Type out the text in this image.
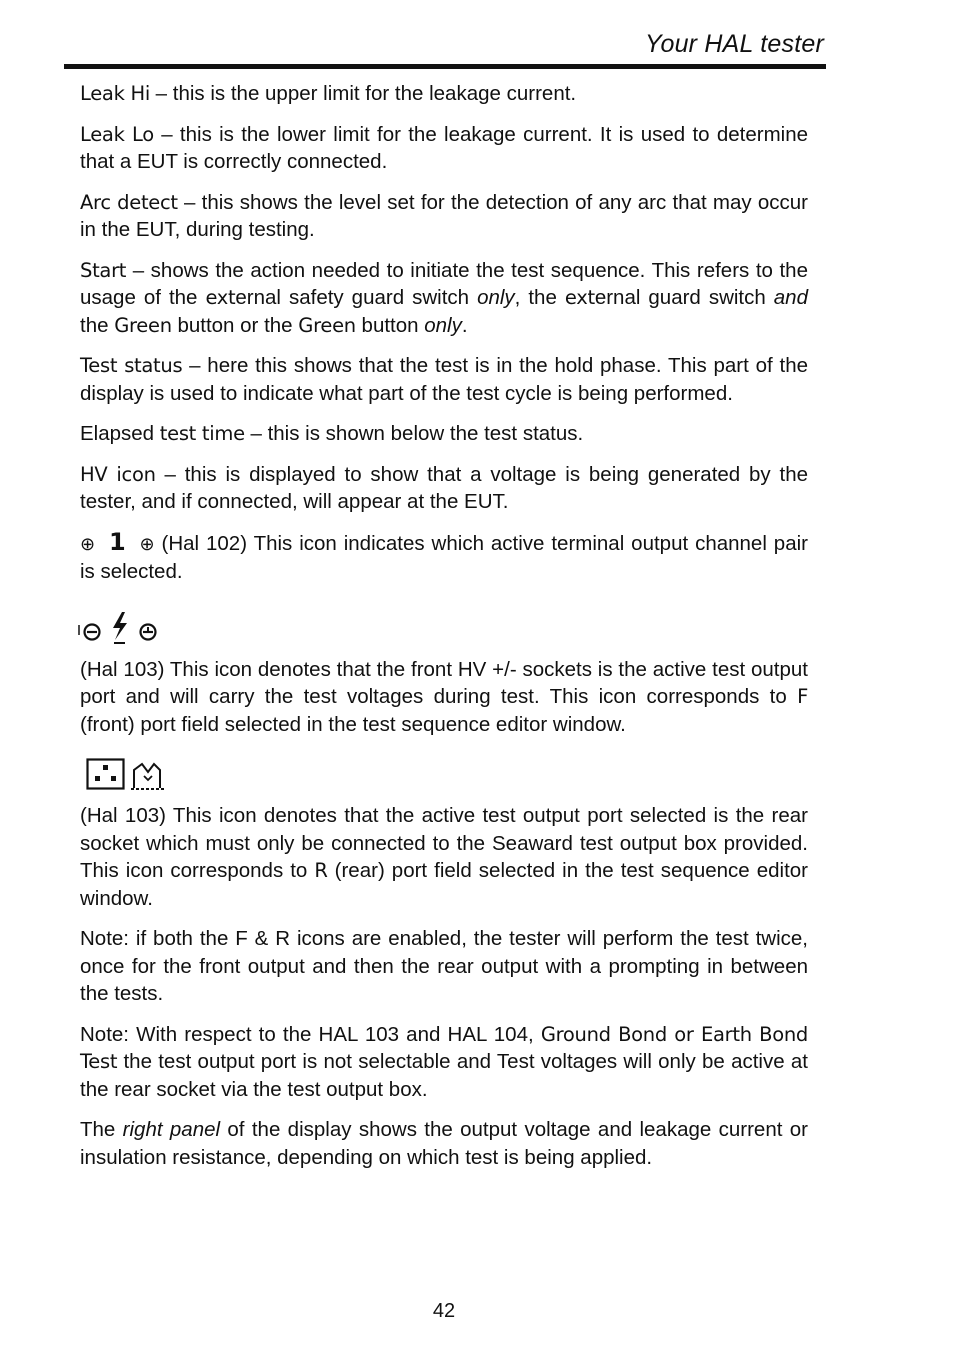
Your HAL tester

Leak Hi – this is the upper limit for the leakage current.

Leak Lo – this is the lower limit for the leakage current. It is used to determine that a EUT is correctly connected.

Arc detect – this shows the level set for the detection of any arc that may occur in the EUT, during testing.

Start – shows the action needed to initiate the test sequence. This refers to the usage of the external safety guard switch only, the external guard switch and the Green button or the Green button only.

Test status – here this shows that the test is in the hold phase. This part of the display is used to indicate what part of the test cycle is being performed.

Elapsed test time – this is shown below the test status.

HV icon – this is displayed to show that a voltage is being generated by the tester, and if connected, will appear at the EUT.

⊕ 1 ⊕ (Hal 102) This icon indicates which active terminal output channel pair is selected.

(Hal 103) This icon denotes that the front HV +/- sockets is the active test output port and will carry the test voltages during test. This icon corresponds to F (front) port field selected in the test sequence editor window.

(Hal 103) This icon denotes that the active test output port selected is the rear socket which must only be connected to the Seaward test output box provided. This icon corresponds to R (rear) port field selected in the test sequence editor window.

Note: if both the F & R icons are enabled, the tester will perform the test twice, once for the front output and then the rear output with a prompting in between the tests.

Note: With respect to the HAL 103 and HAL 104, Ground Bond or Earth Bond Test the test output port is not selectable and Test voltages will only be active at the rear socket via the test output box.

The right panel of the display shows the output voltage and leakage current or insulation resistance, depending on which test is being applied.

42
